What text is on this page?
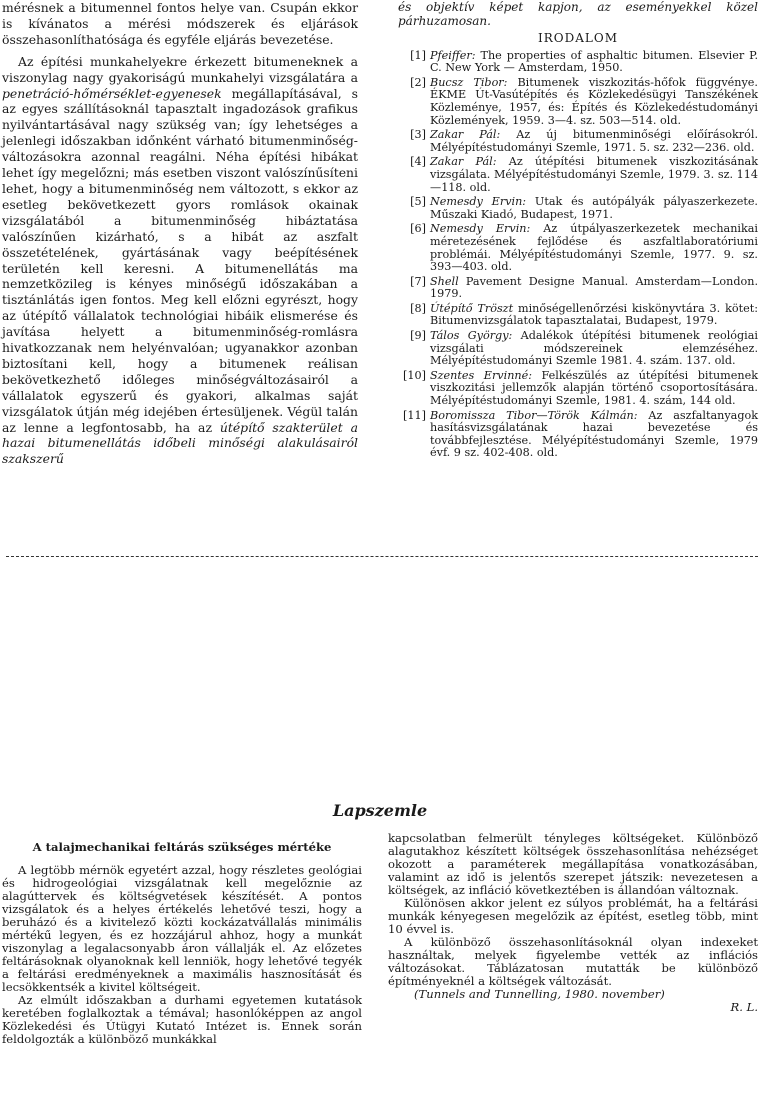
mérésnek a bitumennel fontos helye van. Csupán ekkor is kívánatos a mérési módszerek és eljárások összehasonlíthatósága és egyféle eljárás bevezetése.

Az építési munkahelyekre érkezett bitumeneknek a viszonylag nagy gyakoriságú munkahelyi vizsgálatára a penetráció-hőmérséklet-egyenesek megállapításával, s az egyes szállításoknál tapasztalt ingadozások grafikus nyilvántartásával nagy szükség van; így lehetséges a jelenlegi időszakban időnként várható bitumenminőség-változásokra azonnal reagálni. Néha építési hibákat lehet így megelőzni; más esetben viszont valószínűsíteni lehet, hogy a bitumenminőség nem változott, s ekkor az esetleg bekövetkezett gyors romlások okainak vizsgálatából a bitumenminőség hibáztatása valószínűen kizárható, s a hibát az aszfalt összetételének, gyártásának vagy beépítésének területén kell keresni. A bitumenellátás ma nemzetközileg is kényes minőségű időszakában a tisztánlátás igen fontos. Meg kell előzni egyrészt, hogy az útépítő vállalatok technológiai hibáik elismerése és javítása helyett a bitumenminőség-romlásra hivatkozzanak nem helyénvalóan; ugyanakkor azonban biztosítani kell, hogy a bitumenek reálisan bekövetkezhető időleges minőségváltozásairól a vállalatok egyszerű és gyakori, alkalmas saját vizsgálatok útján még idejében értesüljenek. Végül talán az lenne a legfontosabb, ha az útépítő szakterület a hazai bitumenellátás időbeli minőségi alakulásairól szakszerű

és objektív képet kapjon, az eseményekkel közel párhuzamosan.

IRODALOM

[1] Pfeiffer: The properties of asphaltic bitumen. Elsevier P. C. New York — Amsterdam, 1950.
[2] Bucsz Tibor: Bitumenek viszkozitás-hőfok függvénye. ÉKME Út-Vasútépítés és Közlekedésügyi Tanszékének Közleménye, 1957, és: Építés és Közlekedéstudományi Közlemények, 1959. 3—4. sz. 503—514. old.
[3] Zakar Pál: Az új bitumenminőségi előírásokról. Mélyépítéstudományi Szemle, 1971. 5. sz. 232—236. old.
[4] Zakar Pál: Az útépítési bitumenek viszkozitásának vizsgálata. Mélyépítéstudományi Szemle, 1979. 3. sz. 114—118. old.
[5] Nemesdy Ervin: Utak és autópályák pályaszerkezete. Műszaki Kiadó, Budapest, 1971.
[6] Nemesdy Ervin: Az útpályaszerkezetek mechanikai méretezésének fejlődése és aszfaltlaboratóriumi problémái. Mélyépítéstudományi Szemle, 1977. 9. sz. 393—403. old.
[7] Shell Pavement Designe Manual. Amsterdam—London. 1979.
[8] Útépítő Tröszt minőségellenőrzési kiskönyvtára 3. kötet: Bitumenvizsgálatok tapasztalatai, Budapest, 1979.
[9] Tálos György: Adalékok útépítési bitumenek reológiai vizsgálati módszereinek elemzéséhez. Mélyépítéstudományi Szemle 1981. 4. szám. 137. old.
[10] Szentes Ervinné: Felkészülés az útépítési bitumenek viszkozitási jellemzők alapján történő csoportosítására. Mélyépítéstudományi Szemle, 1981. 4. szám, 144 old.
[11] Boromissza Tibor—Török Kálmán: Az aszfaltanyagok hasításvizsgálatának hazai bevezetése és továbbfejlesztése. Mélyépítéstudományi Szemle, 1979 évf. 9 sz. 402-408. old.
Lapszemle
A talajmechanikai feltárás szükséges mértéke

A legtöbb mérnök egyetért azzal, hogy részletes geológiai és hidrogeológiai vizsgálatnak kell megelőznie az alagúttervek és költségvetések készítését. A pontos vizsgálatok és a helyes értékelés lehetővé teszi, hogy a beruházó és a kivitelező közti kockázatvállalás minimális mértékű legyen, és ez hozzájárul ahhoz, hogy a munkát viszonylag a legalacsonyabb áron vállalják el. Az előzetes feltárásoknak olyanoknak kell lenniök, hogy lehetővé tegyék a feltárási eredményeknek a maximális hasznosítását és lecsökkentsék a kivitel költségeit.

Az elmúlt időszakban a durhami egyetemen kutatások keretében foglalkoztak a témával; hasonlóképpen az angol Közlekedési és Útügyi Kutató Intézet is. Ennek során feldolgozták a különböző munkákkal

kapcsolatban felmerült tényleges költségeket. Különböző alagutakhoz készített költségek összehasonlítása nehézséget okozott a paraméterek megállapítása vonatkozásában, valamint az idő is jelentős szerepet játszik: nevezetesen a költségek, az infláció következtében is állandóan változnak.

Különösen akkor jelent ez súlyos problémát, ha a feltárási munkák kényegesen megelőzik az építést, esetleg több, mint 10 évvel is.

A különböző összehasonlításoknál olyan indexeket használtak, melyek figyelembe vették az inflációs változásokat. Táblázatosan mutatták be különböző építményeknél a költségek változását.

(Tunnels and Tunnelling, 1980. november)

R. L.
